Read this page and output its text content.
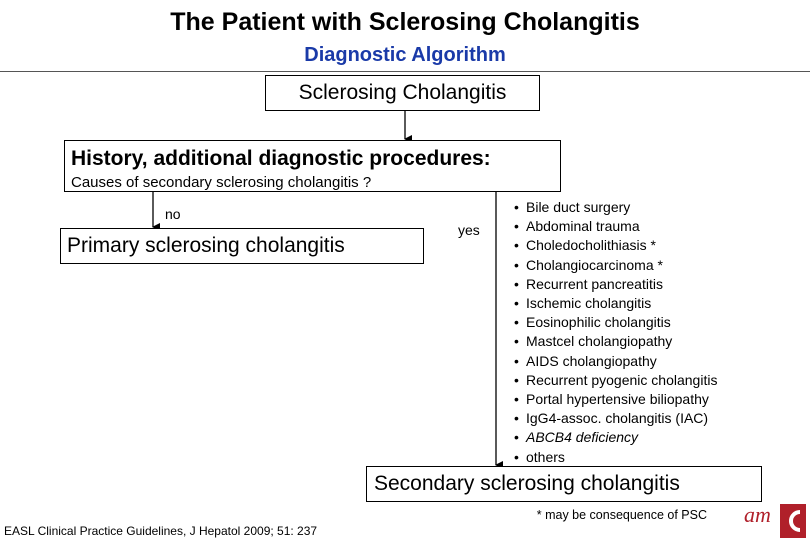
The Patient with Sclerosing Cholangitis
Diagnostic Algorithm
Sclerosing Cholangitis
History, additional diagnostic procedures:
Causes of secondary sclerosing cholangitis ?
no
Primary sclerosing cholangitis
yes
• Bile duct surgery
• Abdominal trauma
• Choledocholithiasis *
• Cholangiocarcinoma *
• Recurrent pancreatitis
• Ischemic cholangitis
• Eosinophilic cholangitis
• Mastcel cholangiopathy
• AIDS cholangiopathy
• Recurrent pyogenic cholangitis
• Portal hypertensive biliopathy
• IgG4-assoc. cholangitis (IAC)
• ABCB4 deficiency
• others
Secondary sclerosing cholangitis
* may be consequence of PSC
EASL Clinical Practice Guidelines, J Hepatol 2009; 51: 237
am
